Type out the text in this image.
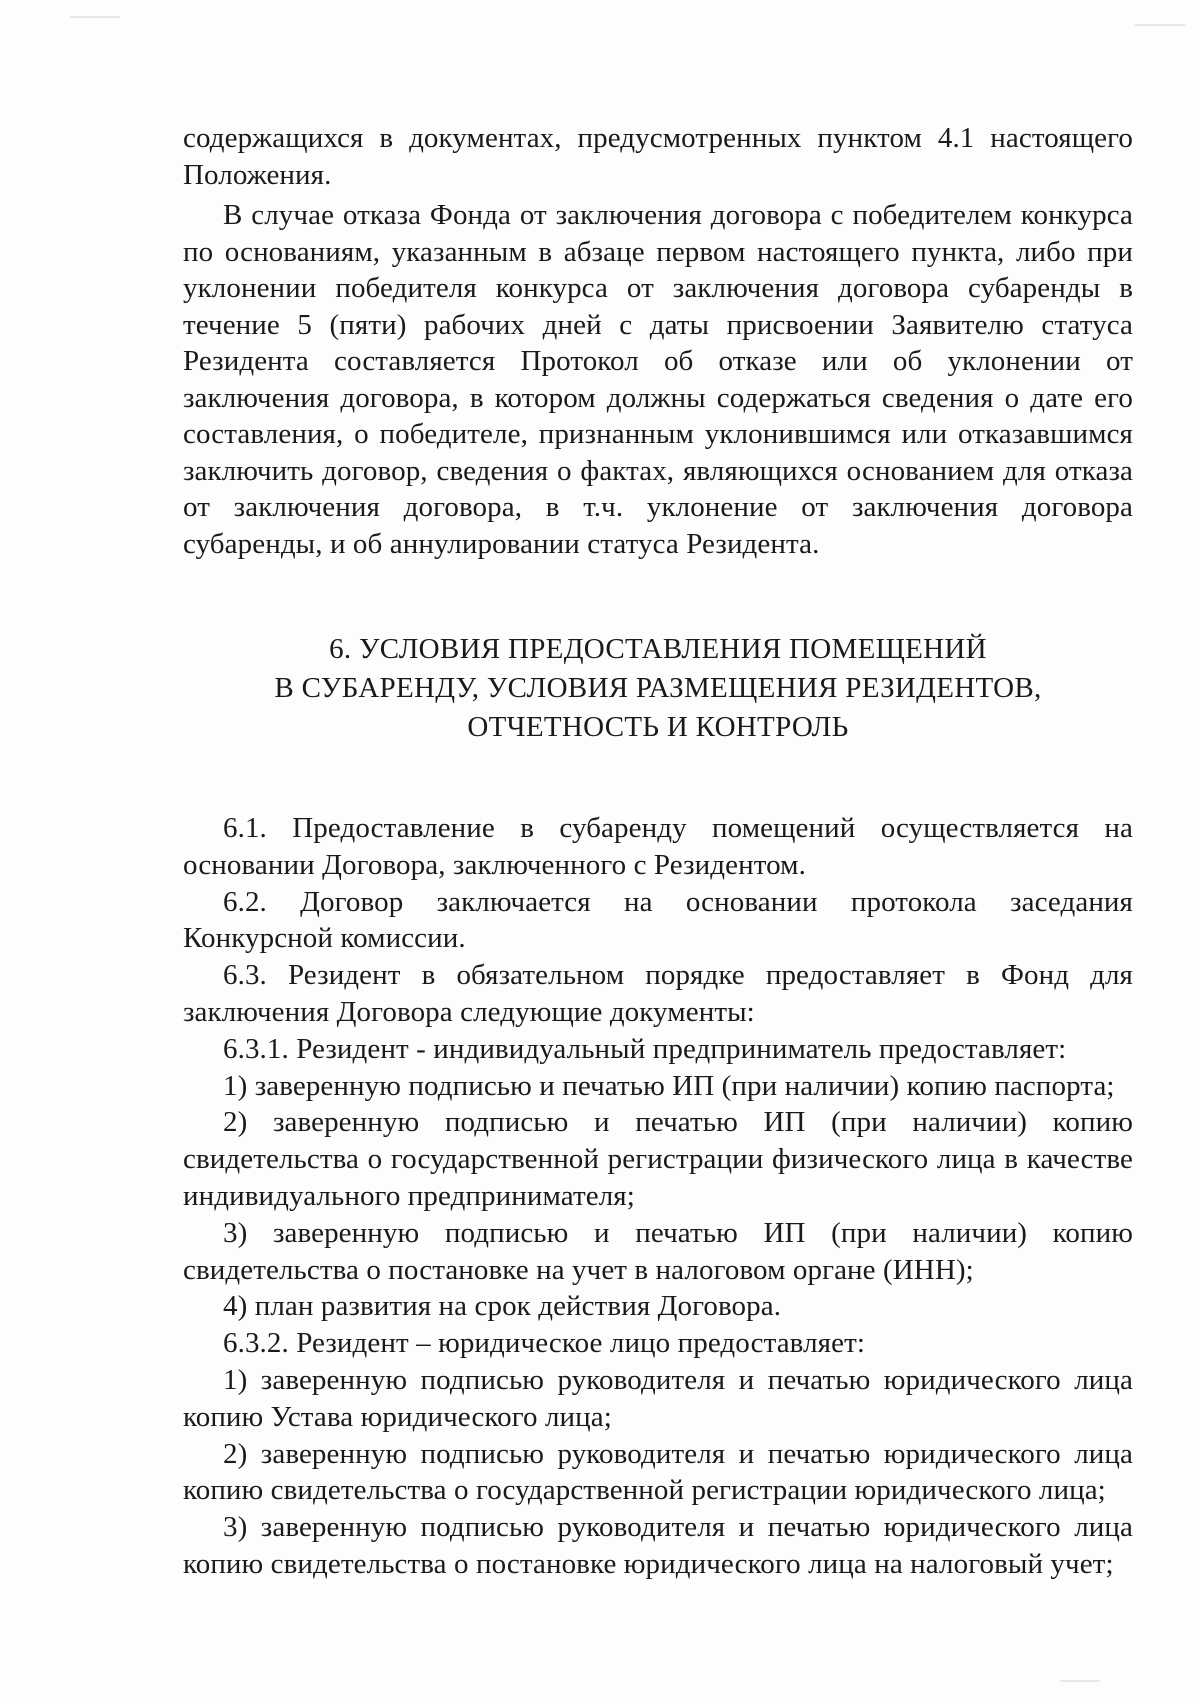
содержащихся в документах, предусмотренных пунктом 4.1 настоящего Положения.

В случае отказа Фонда от заключения договора с победителем конкурса по основаниям, указанным в абзаце первом настоящего пункта, либо при уклонении победителя конкурса от заключения договора субаренды в течение 5 (пяти) рабочих дней с даты присвоении Заявителю статуса Резидента составляется Протокол об отказе или об уклонении от заключения договора, в котором должны содержаться сведения о дате его составления, о победителе, признанным уклонившимся или отказавшимся заключить договор, сведения о фактах, являющихся основанием для отказа от заключения договора, в т.ч. уклонение от заключения договора субаренды, и об аннулировании статуса Резидента.

6. УСЛОВИЯ ПРЕДОСТАВЛЕНИЯ ПОМЕЩЕНИЙ
В СУБАРЕНДУ, УСЛОВИЯ РАЗМЕЩЕНИЯ РЕЗИДЕНТОВ,
ОТЧЕТНОСТЬ И КОНТРОЛЬ

6.1. Предоставление в субаренду помещений осуществляется на основании Договора, заключенного с Резидентом.

6.2. Договор заключается на основании протокола заседания Конкурсной комиссии.

6.3. Резидент в обязательном порядке предоставляет в Фонд для заключения Договора следующие документы:

6.3.1. Резидент - индивидуальный предприниматель предоставляет:

1) заверенную подписью и печатью ИП (при наличии) копию паспорта;

2) заверенную подписью и печатью ИП (при наличии) копию свидетельства о государственной регистрации физического лица в качестве индивидуального предпринимателя;

3) заверенную подписью и печатью ИП (при наличии) копию свидетельства о постановке на учет в налоговом органе (ИНН);

4) план развития на срок действия Договора.

6.3.2. Резидент – юридическое лицо предоставляет:

1) заверенную подписью руководителя и печатью юридического лица копию Устава юридического лица;

2) заверенную подписью руководителя и печатью юридического лица копию свидетельства о государственной регистрации юридического лица;

3) заверенную подписью руководителя и печатью юридического лица копию свидетельства о постановке юридического лица на налоговый учет;
